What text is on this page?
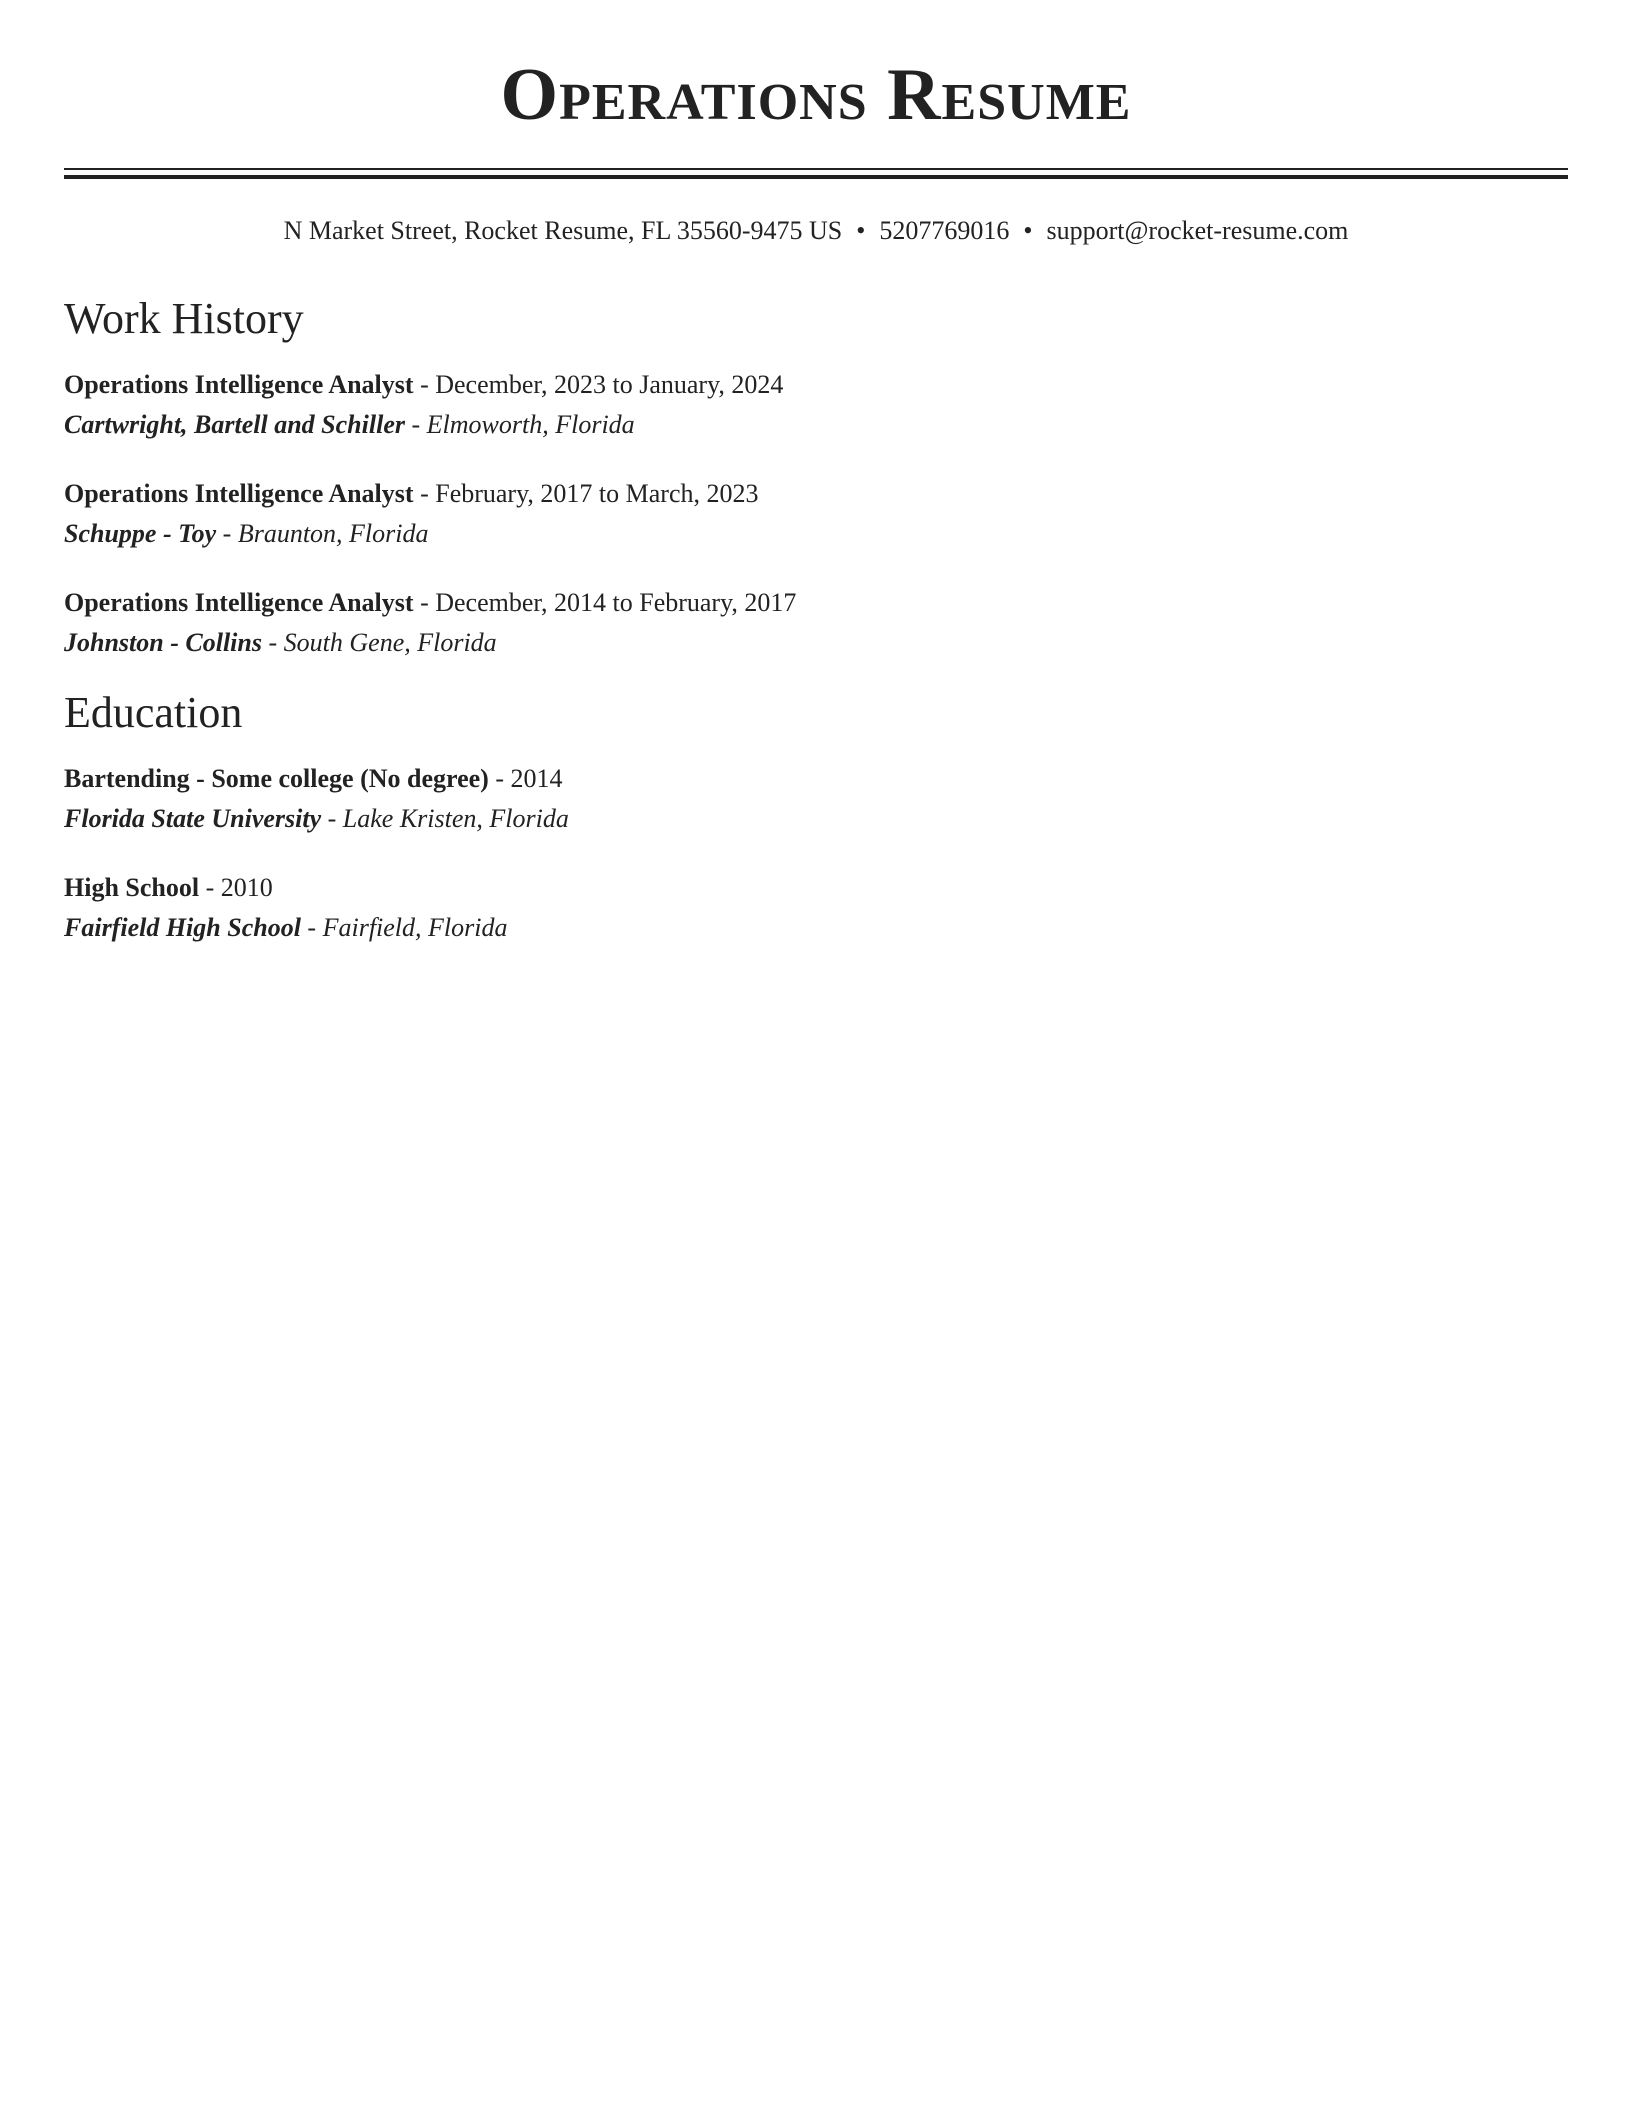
Operations Resume

N Market Street, Rocket Resume, FL 35560-9475 US • 5207769016 • support@rocket-resume.com

Work History
Operations Intelligence Analyst - December, 2023 to January, 2024
Cartwright, Bartell and Schiller - Elmoworth, Florida
Operations Intelligence Analyst - February, 2017 to March, 2023
Schuppe - Toy - Braunton, Florida
Operations Intelligence Analyst - December, 2014 to February, 2017
Johnston - Collins - South Gene, Florida
Education
Bartending - Some college (No degree) - 2014
Florida State University - Lake Kristen, Florida
High School - 2010
Fairfield High School - Fairfield, Florida
